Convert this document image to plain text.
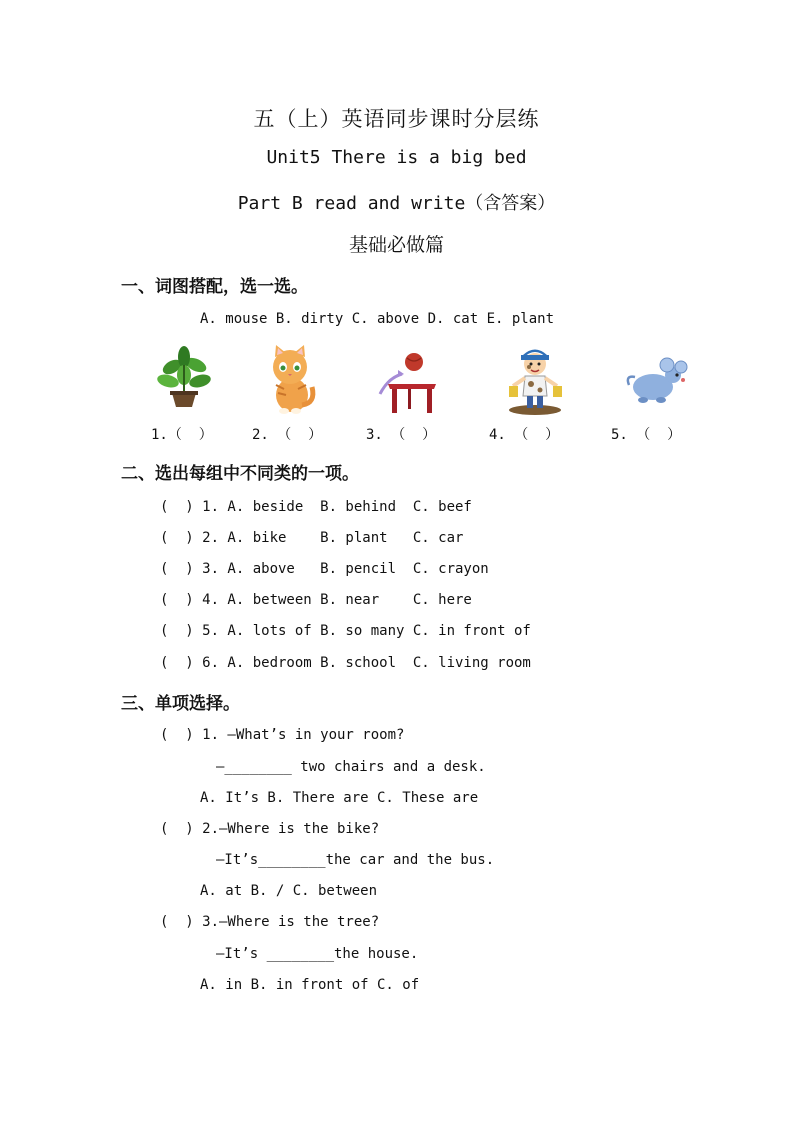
五（上）英语同步课时分层练
Unit5 There is a big bed
Part B read and write（含答案）
基础必做篇
一、词图搭配，选一选。
A. mouse B. dirty C. above D. cat E. plant
1.（  ）	2. （  ）	3. （  ）	4. （  ）	5. （  ）
二、选出每组中不同类的一项。
(  ) 1. A. beside  B. behind  C. beef
(  ) 2. A. bike    B. plant   C. car
(  ) 3. A. above   B. pencil  C. crayon
(  ) 4. A. between B. near    C. here
(  ) 5. A. lots of B. so many C. in front of
(  ) 6. A. bedroom B. school  C. living room
三、单项选择。
(  ) 1. —What’s in your room?
—________ two chairs and a desk.
A. It’s B. There are C. These are
(  ) 2.—Where is the bike?
—It’s________the car and the bus.
A. at B. / C. between
(  ) 3.—Where is the tree?
—It’s ________the house.
A. in B. in front of C. of
